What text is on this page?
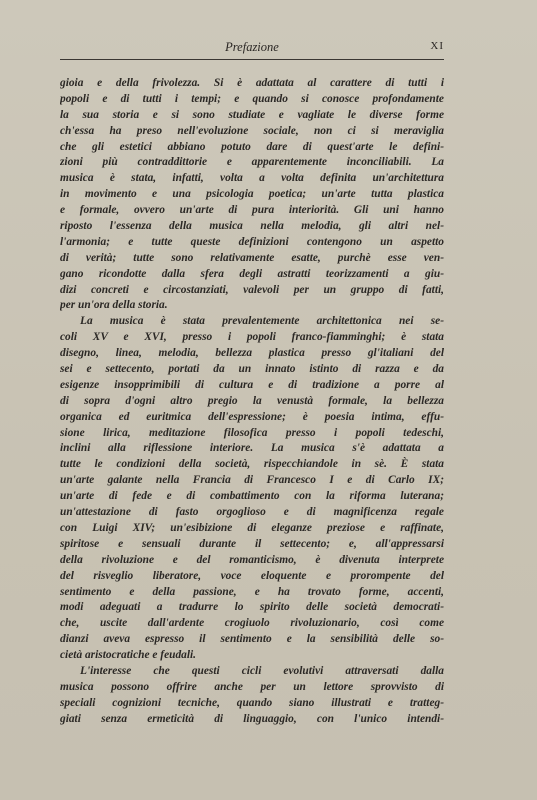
Prefazione	XI
gioia e della frivolezza. Si è adattata al carattere di tutti i
popoli e di tutti i tempi; e quando si conosce profondamente
la sua storia e si sono studiate e vagliate le diverse forme
ch'essa ha preso nell'evoluzione sociale, non ci si meraviglia
che gli estetici abbiano potuto dare di quest'arte le defini-
zioni più contraddittorie e apparentemente inconciliabili. La
musica è stata, infatti, volta a volta definita un'architettura
in movimento e una psicologia poetica; un'arte tutta plastica
e formale, ovvero un'arte di pura interiorità. Gli uni hanno
riposto l'essenza della musica nella melodia, gli altri nel-
l'armonia; e tutte queste definizioni contengono un aspetto
di verità; tutte sono relativamente esatte, purchè esse ven-
gano ricondotte dalla sfera degli astratti teorizzamenti a giu-
dizi concreti e circostanziati, valevoli per un gruppo di fatti,
per un'ora della storia.
La musica è stata prevalentemente architettonica nei se-
coli XV e XVI, presso i popoli franco-fiamminghi; è stata
disegno, linea, melodia, bellezza plastica presso gl'italiani del
sei e settecento, portati da un innato istinto di razza e da
esigenze insopprimibili di cultura e di tradizione a porre al
di sopra d'ogni altro pregio la venustà formale, la bellezza
organica ed euritmica dell'espressione; è poesia intima, effu-
sione lirica, meditazione filosofica presso i popoli tedeschi,
inclini alla riflessione interiore. La musica s'è adattata a
tutte le condizioni della società, rispecchiandole in sè. È stata
un'arte galante nella Francia di Francesco I e di Carlo IX;
un'arte di fede e di combattimento con la riforma luterana;
un'attestazione di fasto orgoglioso e di magnificenza regale
con Luigi XIV; un'esibizione di eleganze preziose e raffinate,
spiritose e sensuali durante il settecento; e, all'appressarsi
della rivoluzione e del romanticismo, è divenuta interprete
del risveglio liberatore, voce eloquente e prorompente del
sentimento e della passione, e ha trovato forme, accenti,
modi adeguati a tradurre lo spirito delle società democrati-
che, uscite dall'ardente crogiuolo rivoluzionario, così come
dianzi aveva espresso il sentimento e la sensibilità delle so-
cietà aristocratiche e feudali.
L'interesse che questi cicli evolutivi attraversati dalla
musica possono offrire anche per un lettore sprovvisto di
speciali cognizioni tecniche, quando siano illustrati e tratteg-
giati senza ermeticità di linguaggio, con l'unico intendi-
